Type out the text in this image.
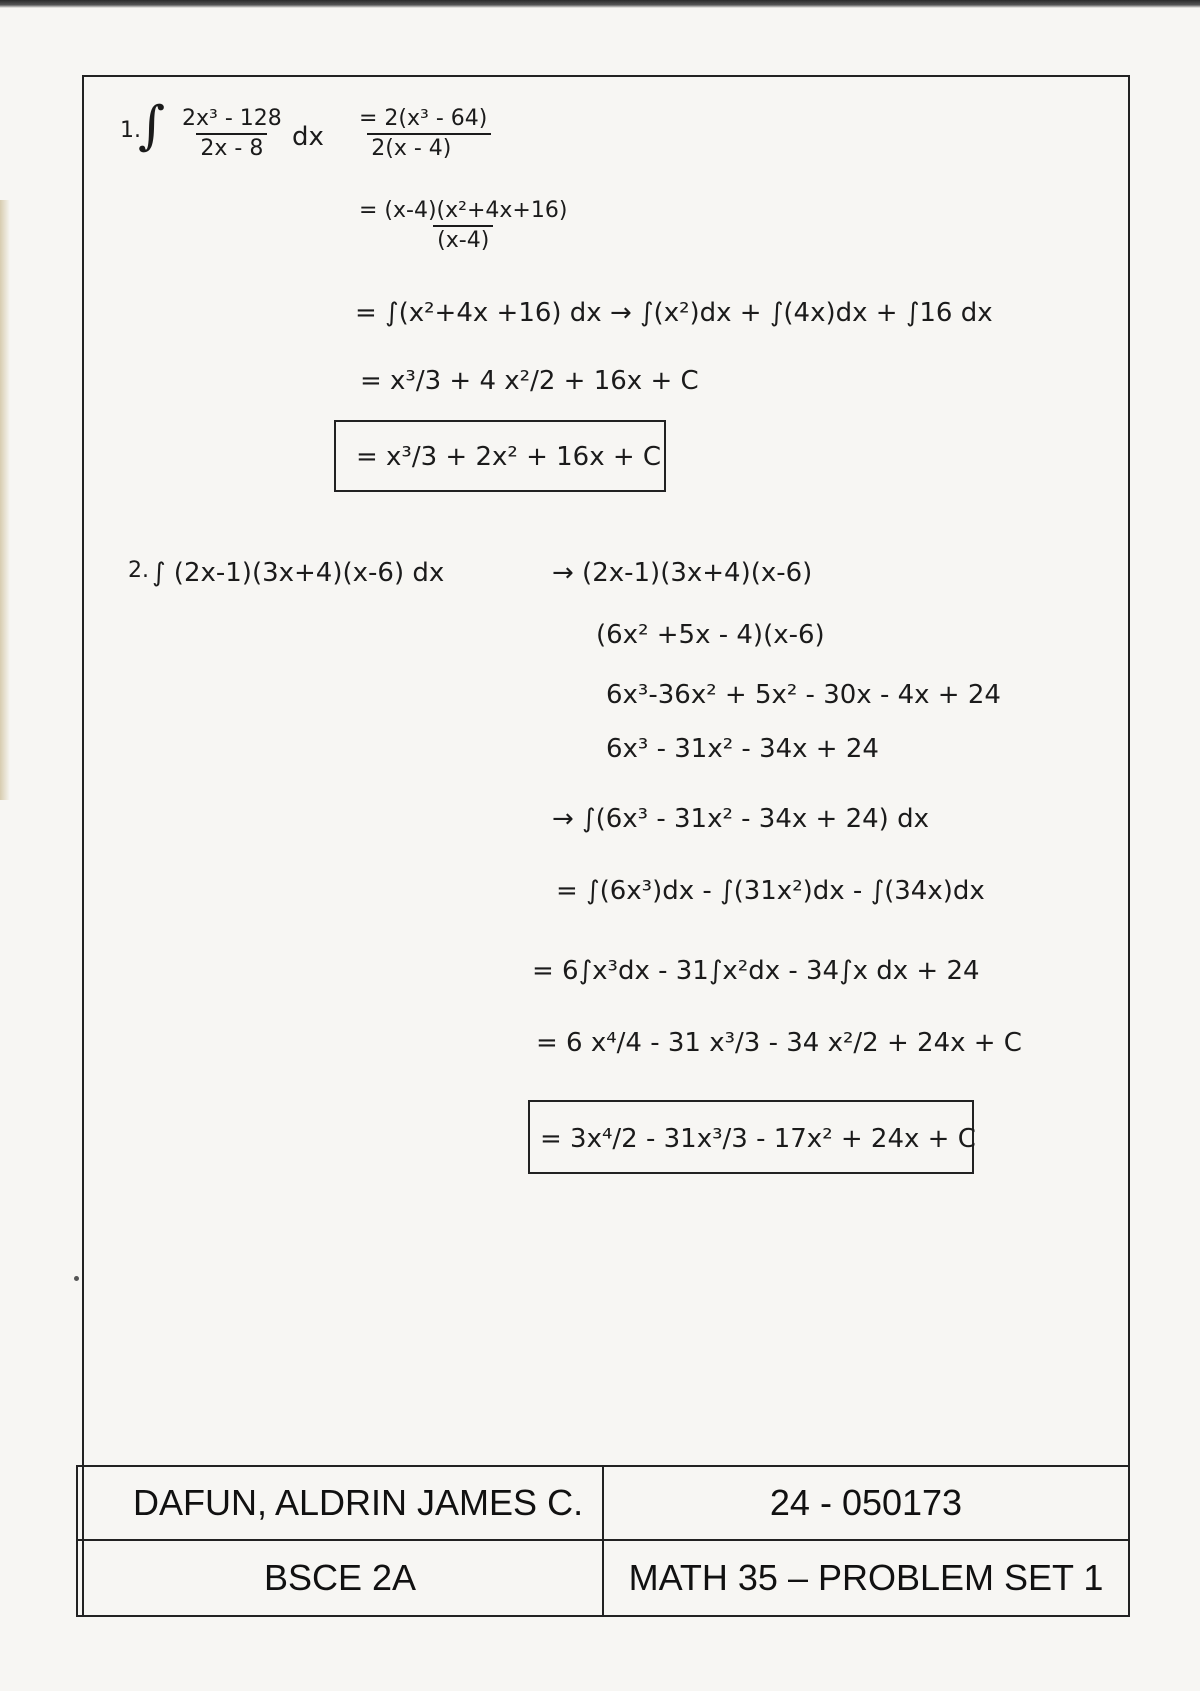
1.
∫ $\frac{\text{2x³ - 128}}{2x - 8}$ dx $\frac{\text{= 2(x³ - 64)}}{2(x - 4)}$
$\frac{\text{= (x-4)(x²+4x+16)}}{(x-4)}$
= ∫(x²+4x +16) dx → ∫(x²)dx + ∫(4x)dx + ∫16 dx
= x³/3 + 4 x²/2 + 16x + C
= x³/3 + 2x² + 16x + C
2. ∫ (2x-1)(3x+4)(x-6) dx	→ (2x-1)(3x+4)(x-6)
(6x² +5x - 4)(x-6)
6x³-36x² + 5x² - 30x - 4x + 24
6x³ - 31x² - 34x + 24
→ ∫(6x³ - 31x² - 34x + 24) dx
= ∫(6x³)dx - ∫(31x²)dx - ∫(34x)dx
= 6∫x³dx - 31∫x²dx - 34∫x dx + 24
= 6 x⁴/4 - 31 x³/3 - 34 x²/2 + 24x + C
= 3x⁴/2 - 31x³/3 - 17x² + 24x + C
DAFUN, ALDRIN JAMES C.	24 - 050173
BSCE 2A	MATH 35 – PROBLEM SET 1
